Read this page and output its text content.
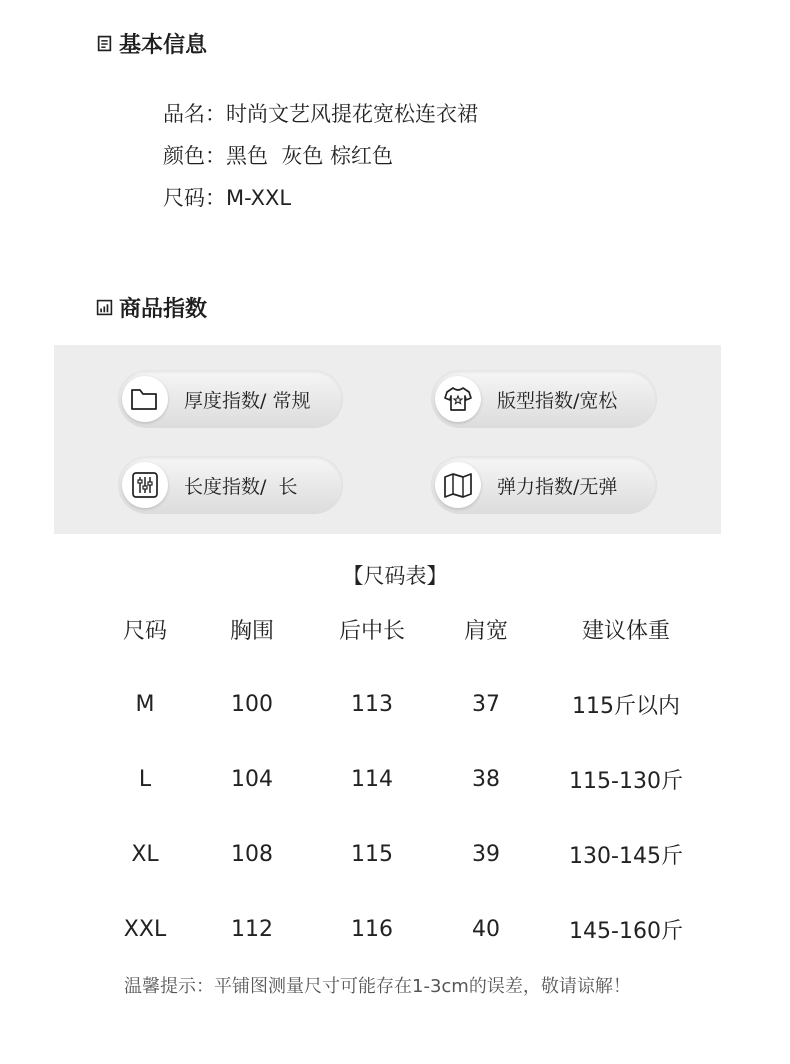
基本信息
品名： 时尚文艺风提花宽松连衣裙
颜色： 黑色  灰色 棕红色
尺码： M-XXL
商品指数
厚度指数/ 常规	版型指数/宽松
长度指数/  长	弹力指数/无弹
【尺码表】
尺码	胸围	后中长	肩宽	建议体重
M	100	113	37	115斤以内
L	104	114	38	115-130斤
XL	108	115	39	130-145斤
XXL	112	116	40	145-160斤
温馨提示：平铺图测量尺寸可能存在1-3cm的误差，敬请谅解！
